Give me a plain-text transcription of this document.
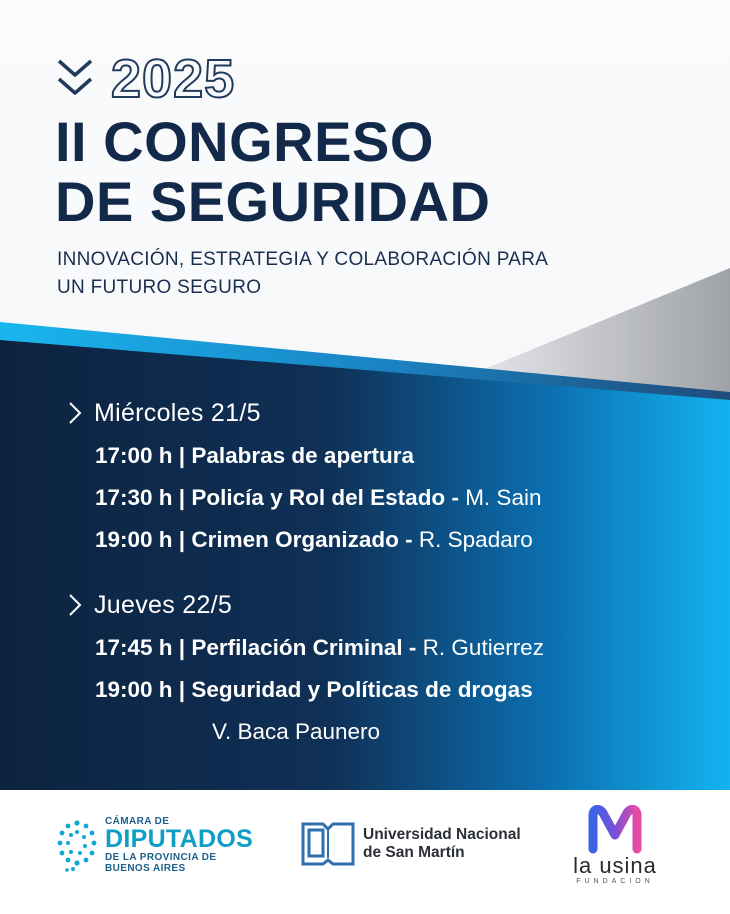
2025
II CONGRESO
DE SEGURIDAD
INNOVACIÓN, ESTRATEGIA Y COLABORACIÓN PARA
UN FUTURO SEGURO
Miércoles 21/5
17:00 h | Palabras de apertura
17:30 h | Policía y Rol del Estado - M. Sain
19:00 h | Crimen Organizado - R. Spadaro
Jueves 22/5
17:45 h | Perfilación Criminal - R. Gutierrez
19:00 h | Seguridad y Políticas de drogas
V. Baca Paunero
CÁMARA DE
DIPUTADOS
DE LA PROVINCIA DE
BUENOS AIRES
Universidad Nacional
de San Martín
la usina
FUNDACION
